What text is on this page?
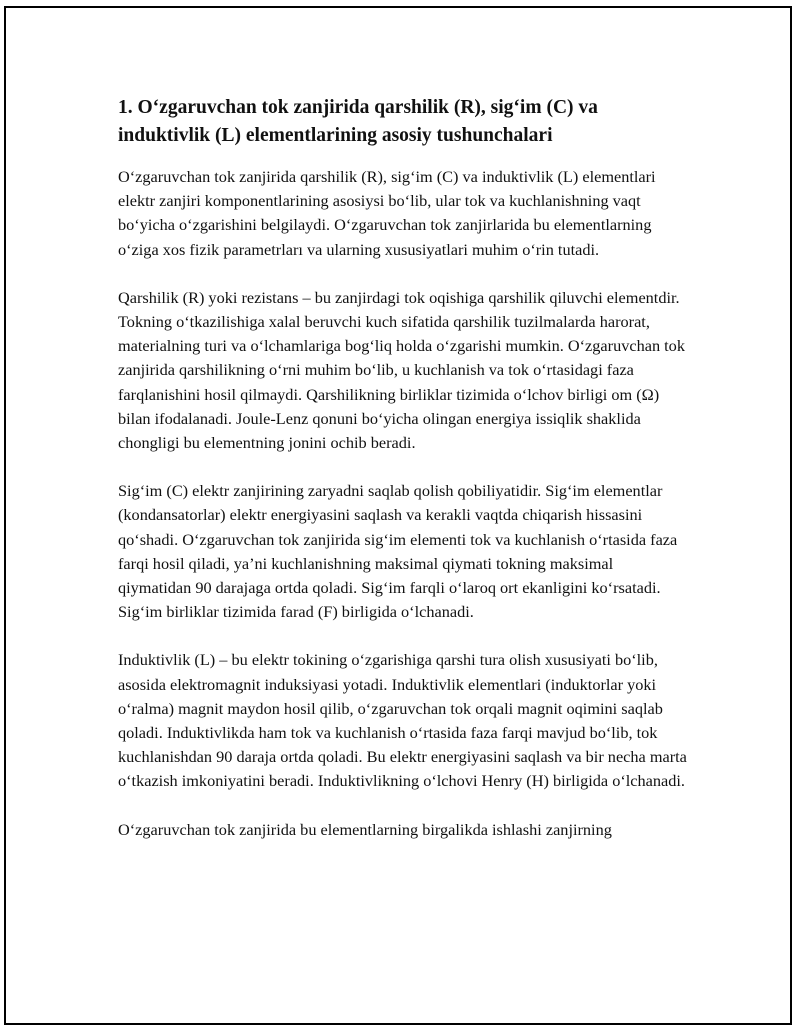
1. O‘zgaruvchan tok zanjirida qarshilik (R), sig‘im (C) va induktivlik (L) elementlarining asosiy tushunchalari

O‘zgaruvchan tok zanjirida qarshilik (R), sig‘im (C) va induktivlik (L) elementlari elektr zanjiri komponentlarining asosiysi bo‘lib, ular tok va kuchlanishning vaqt bo‘yicha o‘zgarishini belgilaydi. O‘zgaruvchan tok zanjirlarida bu elementlarning o‘ziga xos fizik parametrları va ularning xususiyatlari muhim o‘rin tutadi.

Qarshilik (R) yoki rezistans – bu zanjirdagi tok oqishiga qarshilik qiluvchi elementdir. Tokning o‘tkazilishiga xalal beruvchi kuch sifatida qarshilik tuzilmalarda harorat, materialning turi va o‘lchamlariga bog‘liq holda o‘zgarishi mumkin. O‘zgaruvchan tok zanjirida qarshilikning o‘rni muhim bo‘lib, u kuchlanish va tok o‘rtasidagi faza farqlanishini hosil qilmaydi. Qarshilikning birliklar tizimida o‘lchov birligi om (Ω) bilan ifodalanadi. Joule-Lenz qonuni bo‘yicha olingan energiya issiqlik shaklida chongligi bu elementning jonini ochib beradi.

Sig‘im (C) elektr zanjirining zaryadni saqlab qolish qobiliyatidir. Sig‘im elementlar (kondansatorlar) elektr energiyasini saqlash va kerakli vaqtda chiqarish hissasini qo‘shadi. O‘zgaruvchan tok zanjirida sig‘im elementi tok va kuchlanish o‘rtasida faza farqi hosil qiladi, ya’ni kuchlanishning maksimal qiymati tokning maksimal qiymatidan 90 darajaga ortda qoladi. Sig‘im farqli o‘laroq ort ekanligini ko‘rsatadi. Sig‘im birliklar tizimida farad (F) birligida o‘lchanadi.

Induktivlik (L) – bu elektr tokining o‘zgarishiga qarshi tura olish xususiyati bo‘lib, asosida elektromagnit induksiyasi yotadi. Induktivlik elementlari (induktorlar yoki o‘ralma) magnit maydon hosil qilib, o‘zgaruvchan tok orqali magnit oqimini saqlab qoladi. Induktivlikda ham tok va kuchlanish o‘rtasida faza farqi mavjud bo‘lib, tok kuchlanishdan 90 daraja ortda qoladi. Bu elektr energiyasini saqlash va bir necha marta o‘tkazish imkoniyatini beradi. Induktivlikning o‘lchovi Henry (H) birligida o‘lchanadi.

O‘zgaruvchan tok zanjirida bu elementlarning birgalikda ishlashi zanjirning
